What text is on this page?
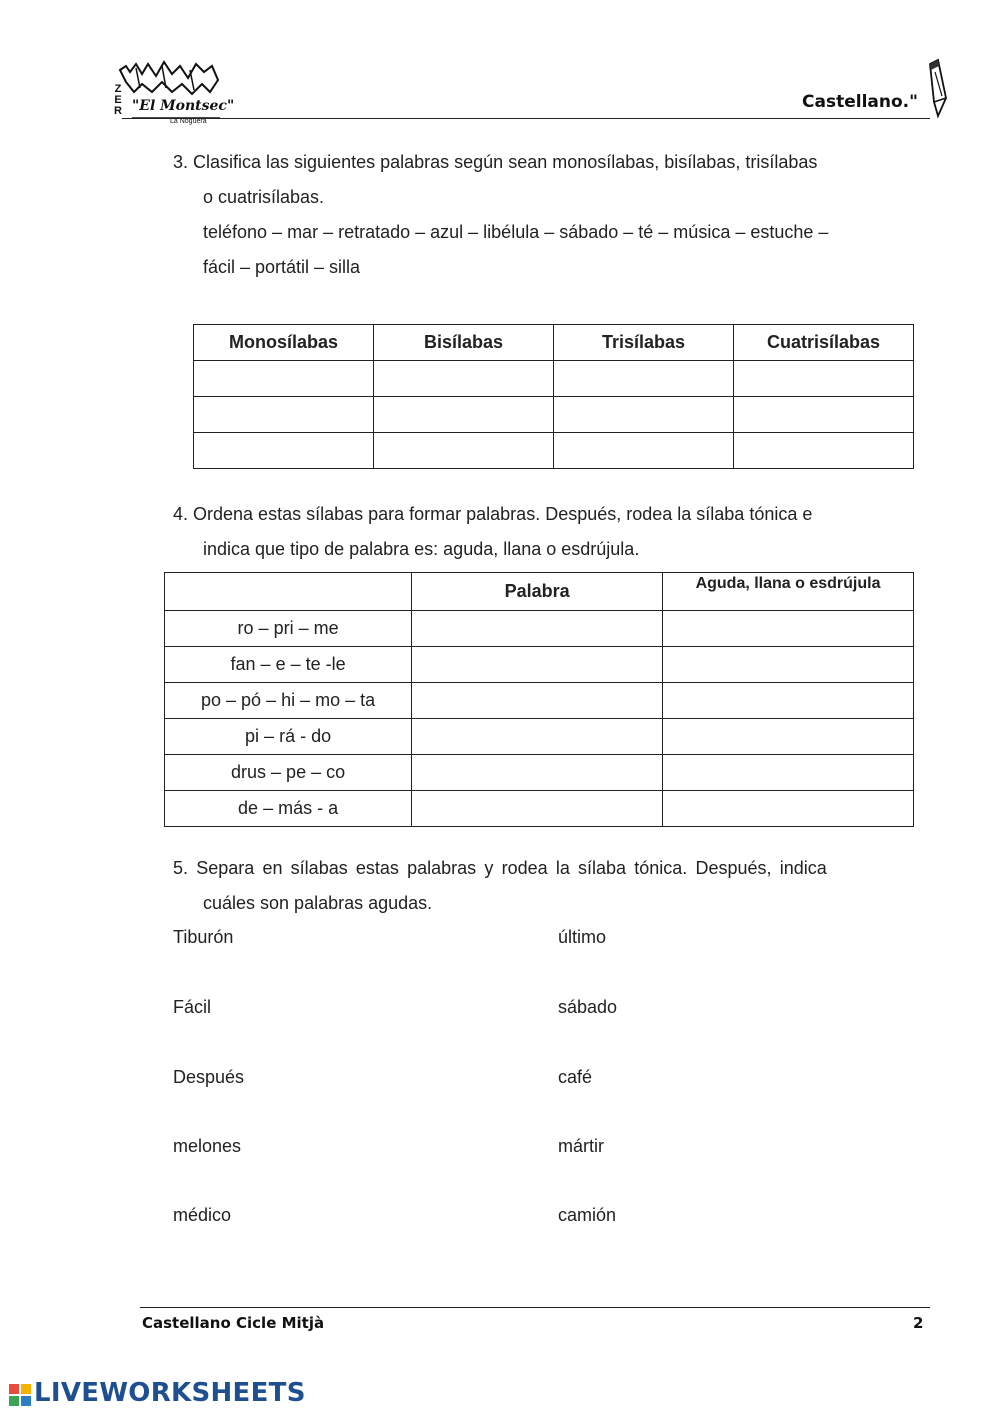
Z
E
R "El Montsec"
La Noguera
Castellano."
3. Clasifica las siguientes palabras según sean monosílabas, bisílabas, trisílabas
o cuatrisílabas.
teléfono – mar – retratado – azul – libélula – sábado – té – música – estuche –
fácil – portátil – silla
Monosílabas	Bisílabas	Trisílabas	Cuatrisílabas

4. Ordena estas sílabas para formar palabras. Después, rodea la sílaba tónica e
indica que tipo de palabra es: aguda, llana o esdrújula.
	Palabra	Aguda, llana o esdrújula
ro – pri – me		
fan – e – te -le		
po – pó – hi – mo – ta		
pi – rá - do		
drus – pe – co		
de – más - a		
5. Separa en sílabas estas palabras y rodea la sílaba tónica. Después, indica
cuáles son palabras agudas.
Tiburón
Fácil
Después
melones
médico
último
sábado
café
mártir
camión
Castellano Cicle Mitjà	2
LIVEWORKSHEETS
